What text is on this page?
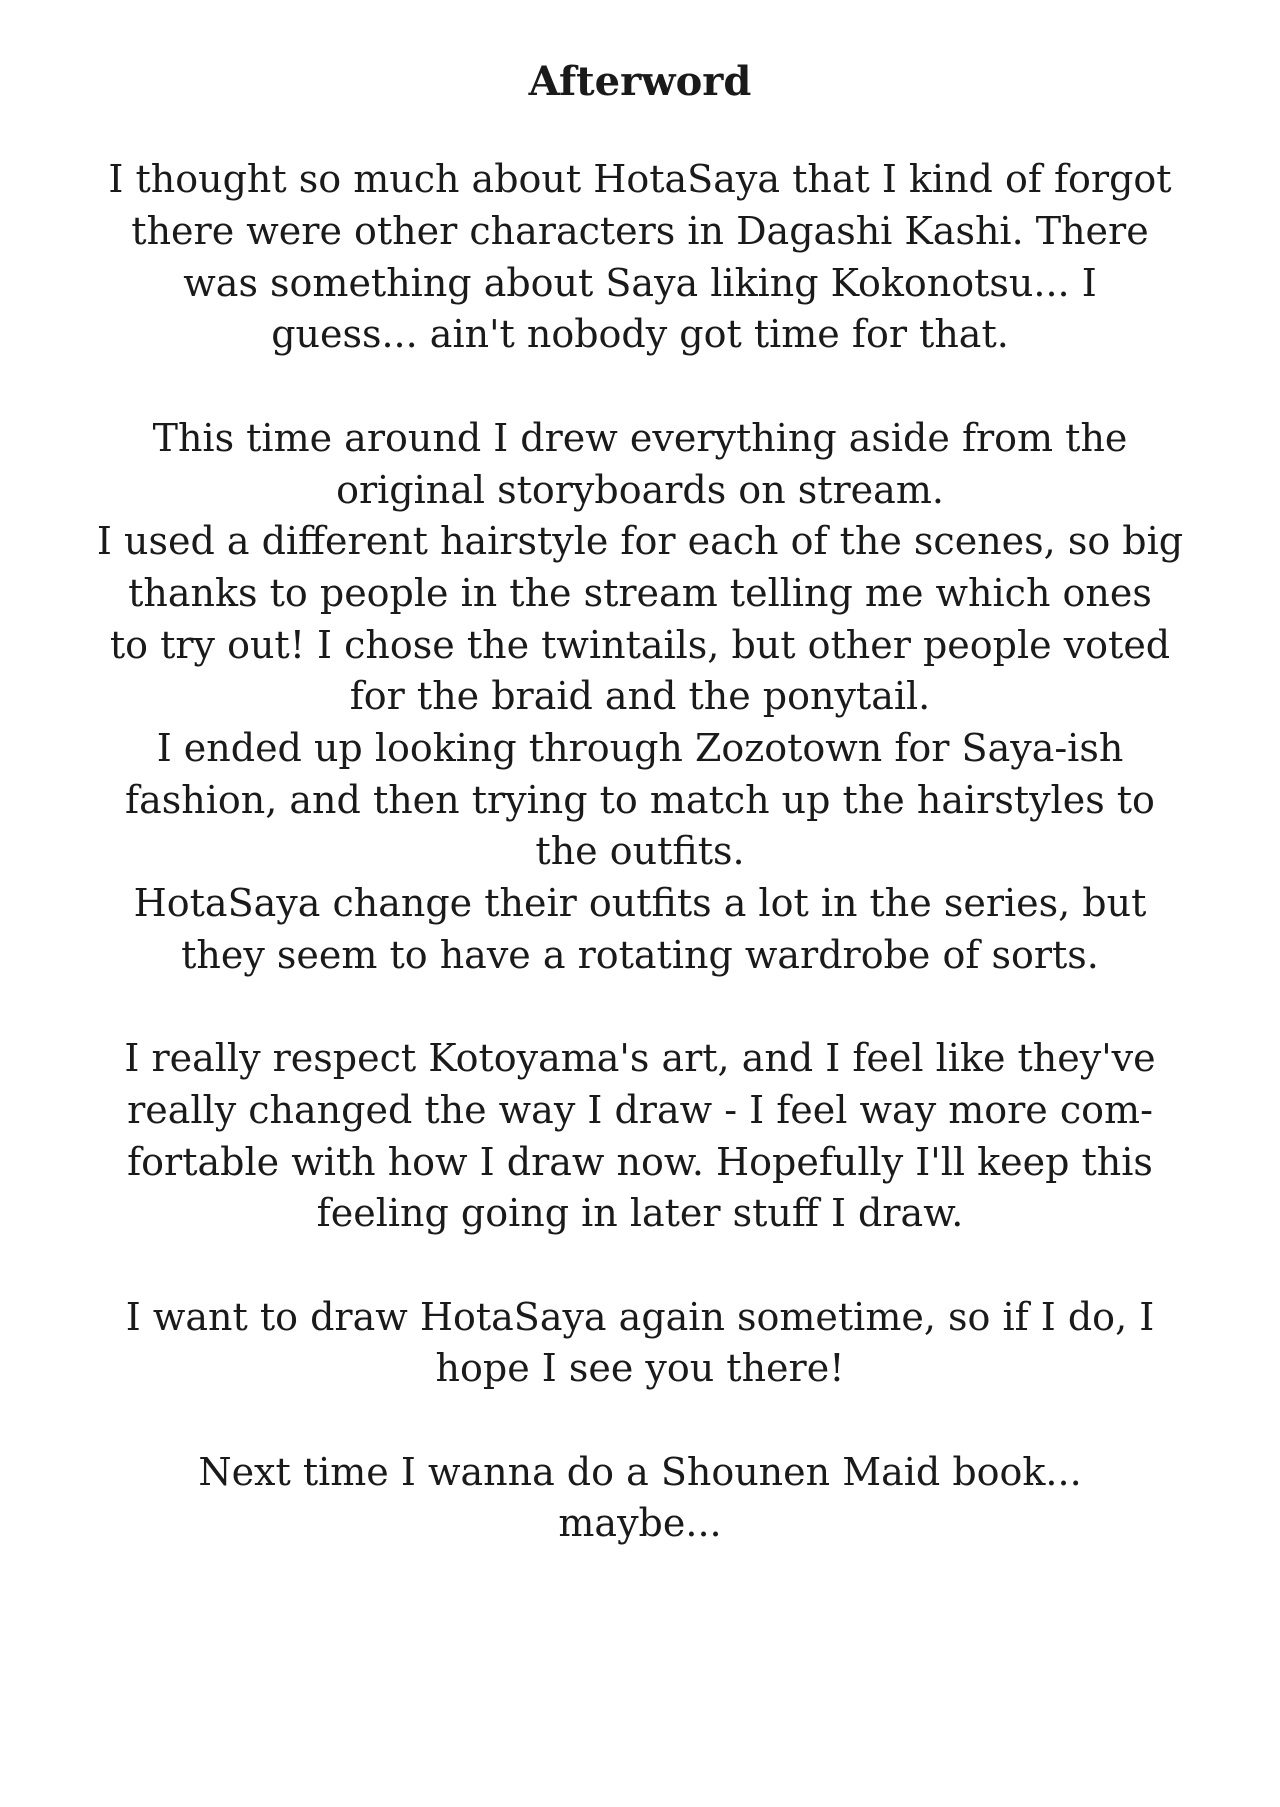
Afterword

I thought so much about HotaSaya that I kind of forgot

there were other characters in Dagashi Kashi. There

was something about Saya liking Kokonotsu... I

guess... ain't nobody got time for that.

This time around I drew everything aside from the

original storyboards on stream.

I used a different hairstyle for each of the scenes, so big

thanks to people in the stream telling me which ones

to try out! I chose the twintails, but other people voted

for the braid and the ponytail.

I ended up looking through Zozotown for Saya-ish

fashion, and then trying to match up the hairstyles to

the outfits.

HotaSaya change their outfits a lot in the series, but

they seem to have a rotating wardrobe of sorts.

I really respect Kotoyama's art, and I feel like they've

really changed the way I draw - I feel way more com-

fortable with how I draw now. Hopefully I'll keep this

feeling going in later stuff I draw.

I want to draw HotaSaya again sometime, so if I do, I

hope I see you there!

Next time I wanna do a Shounen Maid book...

maybe...
